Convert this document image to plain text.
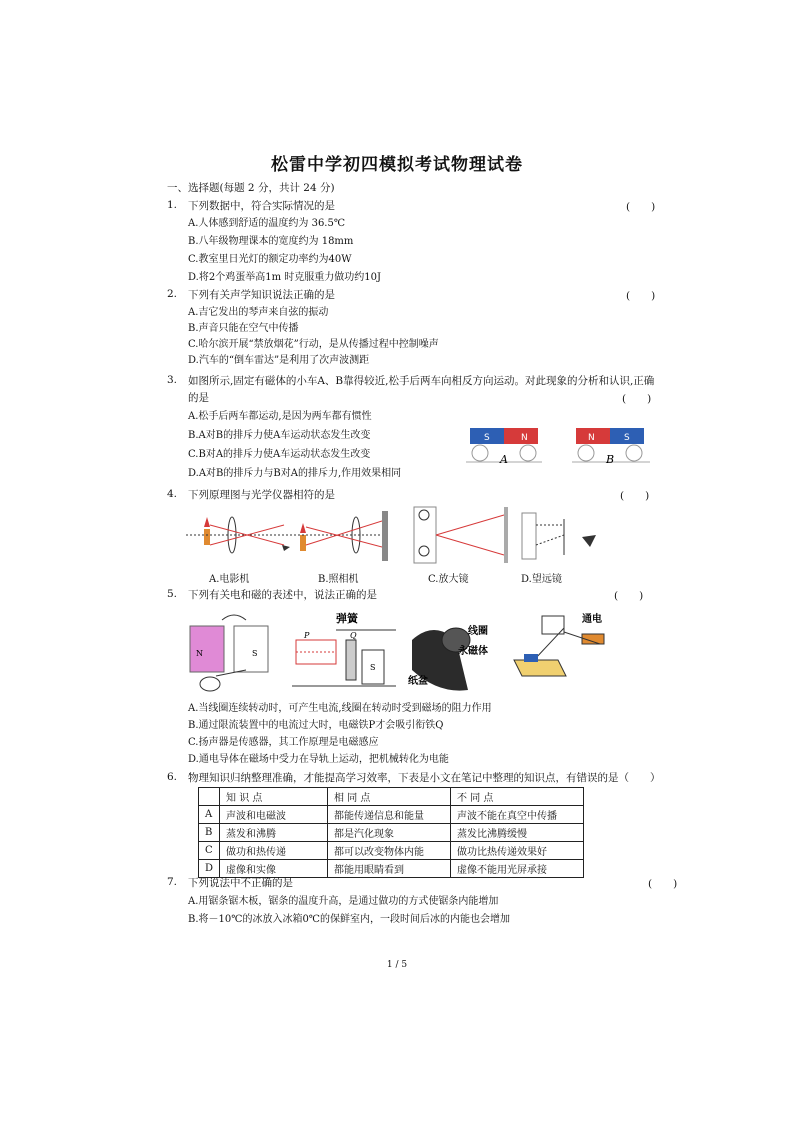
松雷中学初四模拟考试物理试卷
一、选择题(每题 2 分，共计 24 分)
1. 下列数据中，符合实际情况的是	(　　)
A.人体感到舒适的温度约为 36.5℃
B.八年级物理课本的宽度约为 18mm
C.教室里日光灯的额定功率约为40W
D.将2个鸡蛋举高1m 时克服重力做功约10J
2. 下列有关声学知识说法正确的是	(　　)
A.吉它发出的琴声来自弦的振动
B.声音只能在空气中传播
C.哈尔滨开展“禁放烟花”行动，是从传播过程中控制噪声
D.汽车的“倒车雷达”是利用了次声波测距
3. 如图所示,固定有磁体的小车A、B靠得较近,松手后两车向相反方向运动。对此现象的分析和认识,正确
的是	(　　)
A.松手后两车都运动,是因为两车都有惯性
B.A对B的排斥力使A车运动状态发生改变
C.B对A的排斥力使A车运动状态发生改变
D.A对B的排斥力与B对A的排斥力,作用效果相同
S	N
A
N	S
B
4. 下列原理图与光学仪器相符的是	(　　)
A.电影机	B.照相机	C.放大镜	D.望远镜
5. 下列有关电和磁的表述中，说法正确的是	(　　)
N	S
P	Q
S
弹簧
线圈
永磁体
纸盆
通电
A.当线圈连续转动时，可产生电流,线圈在转动时受到磁场的阻力作用
B.通过限流装置中的电流过大时，电磁铁P才会吸引衔铁Q
C.扬声器是传感器，其工作原理是电磁感应
D.通电导体在磁场中受力在导轨上运动，把机械转化为电能
6. 物理知识归纳整理准确，才能提高学习效率，下表是小文在笔记中整理的知识点，有错误的是（　　）
	知 识 点	相 同 点	不 同 点
A	声波和电磁波	都能传递信息和能量	声波不能在真空中传播
B	蒸发和沸腾	都是汽化现象	蒸发比沸腾缓慢
C	做功和热传递	都可以改变物体内能	做功比热传递效果好
D	虚像和实像	都能用眼睛看到	虚像不能用光屏承接
7. 下列说法中不正确的是	(　　)
A.用锯条锯木板，锯条的温度升高，是通过做功的方式使锯条内能增加
B.将－10℃的冰放入冰箱0℃的保鲜室内，一段时间后冰的内能也会增加
1 / 5
